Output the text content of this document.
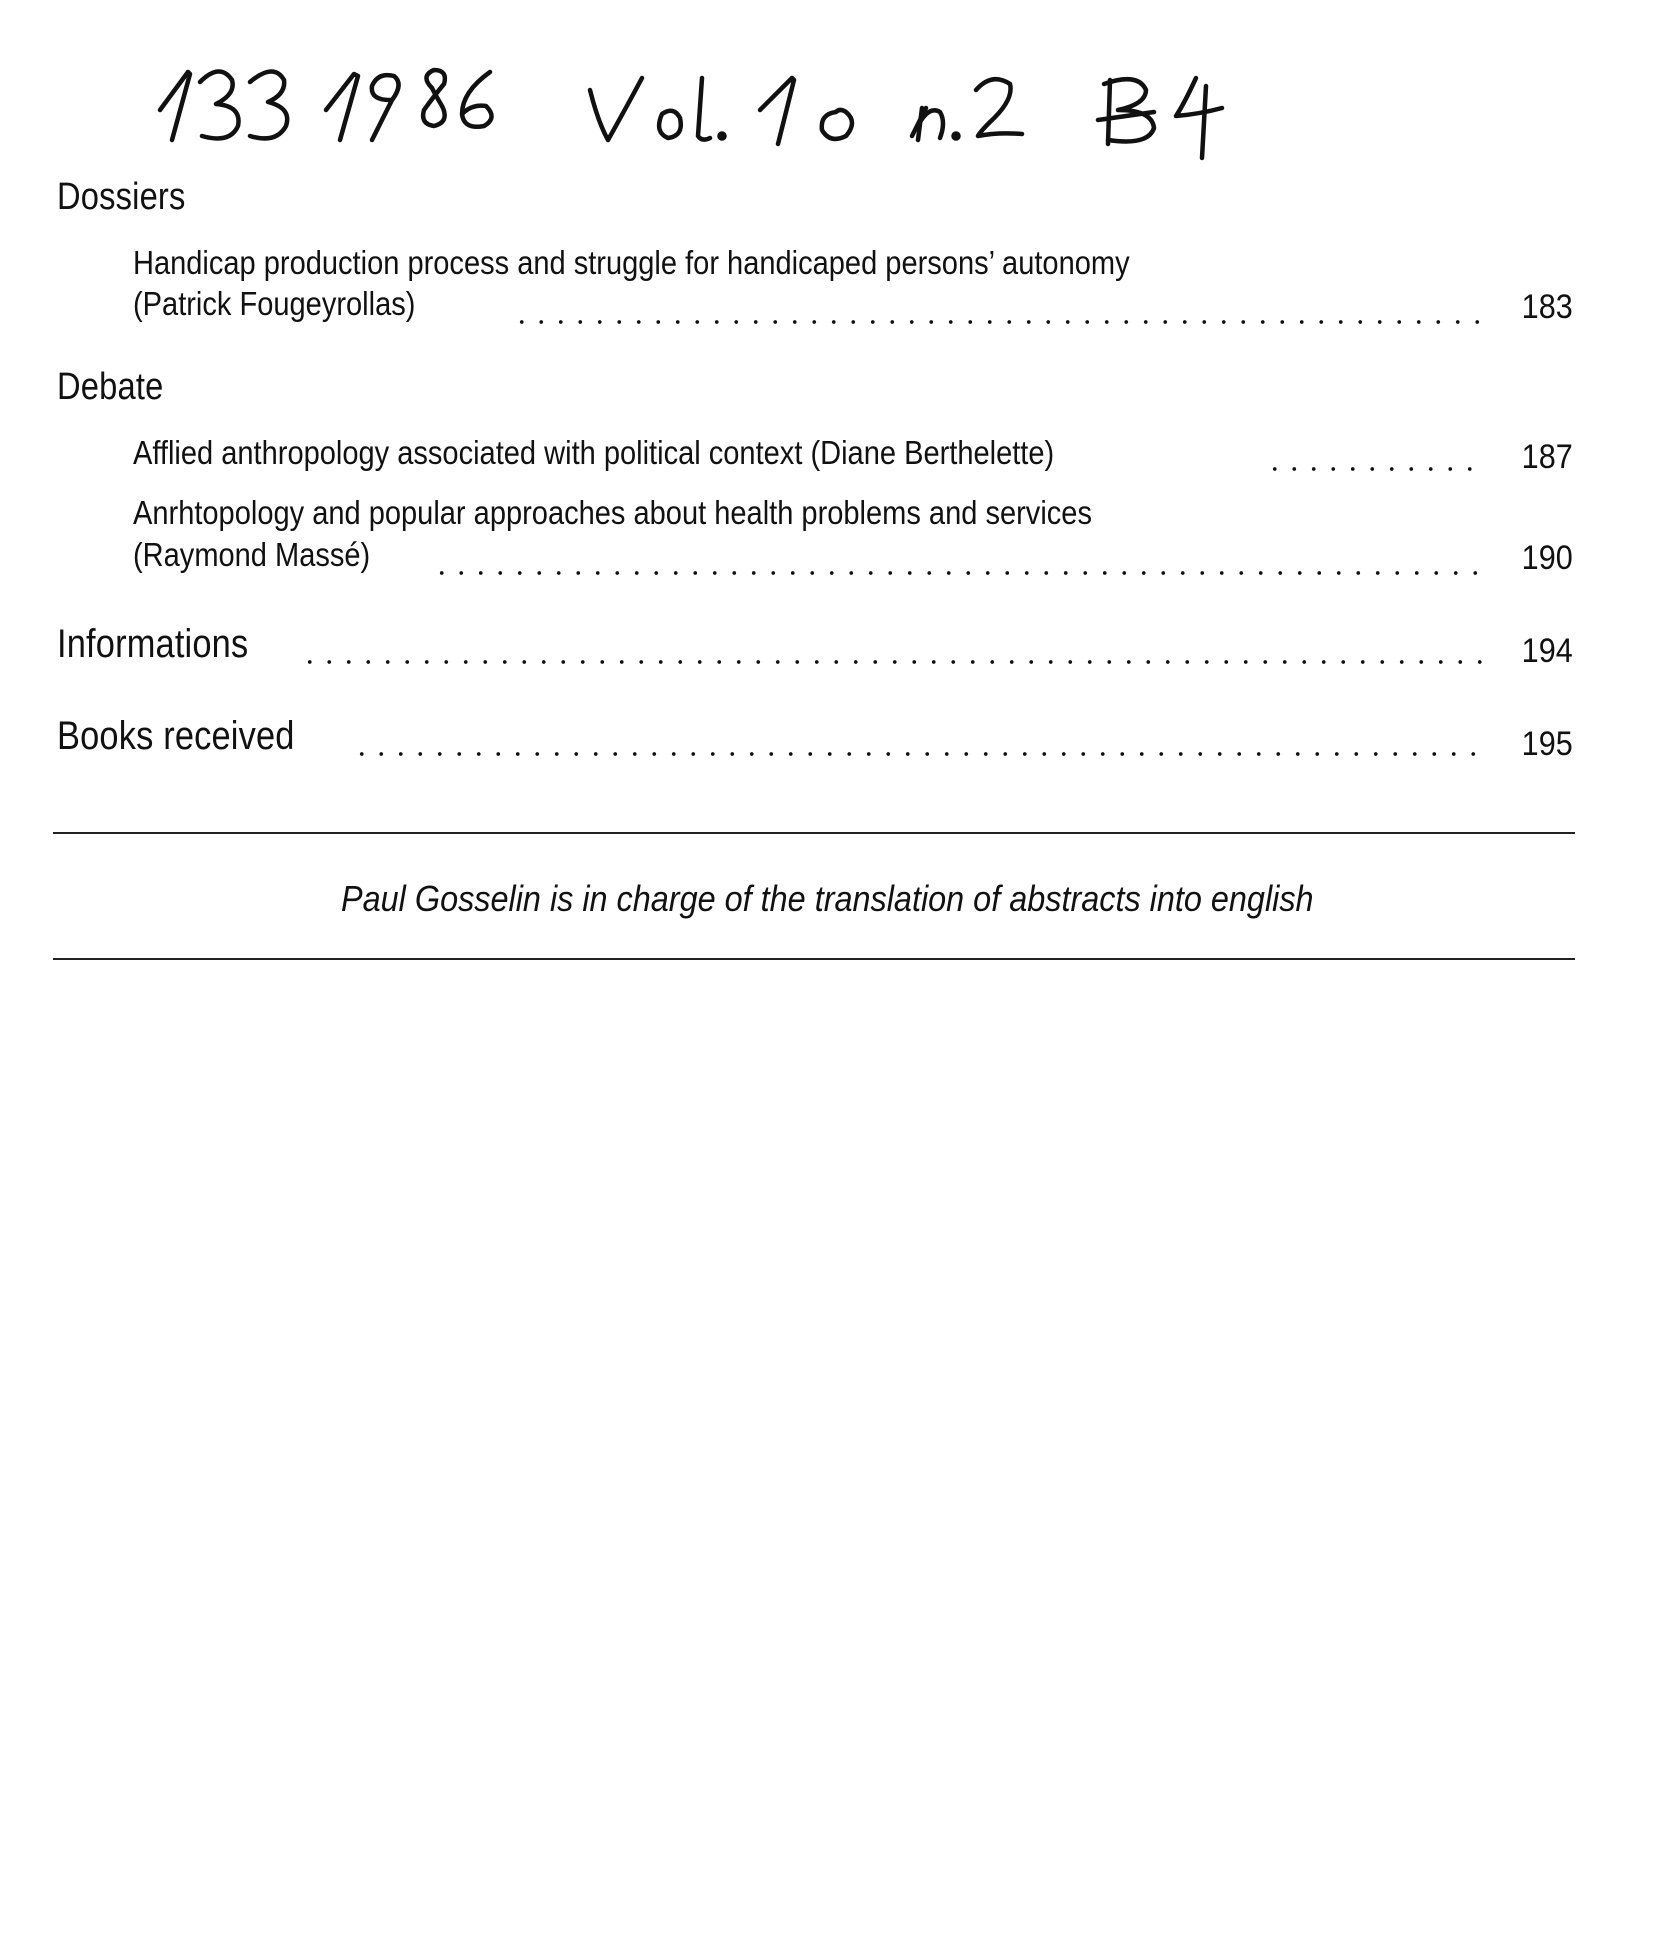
133 1986 Vol. 10 n. 2 B 4
Dossiers
Handicap production process and struggle for handicaped persons’ autonomy
(Patrick Fougeyrollas)	183
Debate
Afflied anthropology associated with political context (Diane Berthelette)	187
Anrhtopology and popular approaches about health problems and services
(Raymond Massé)	190
Informations	194
Books received	195
Paul Gosselin is in charge of the translation of abstracts into english
